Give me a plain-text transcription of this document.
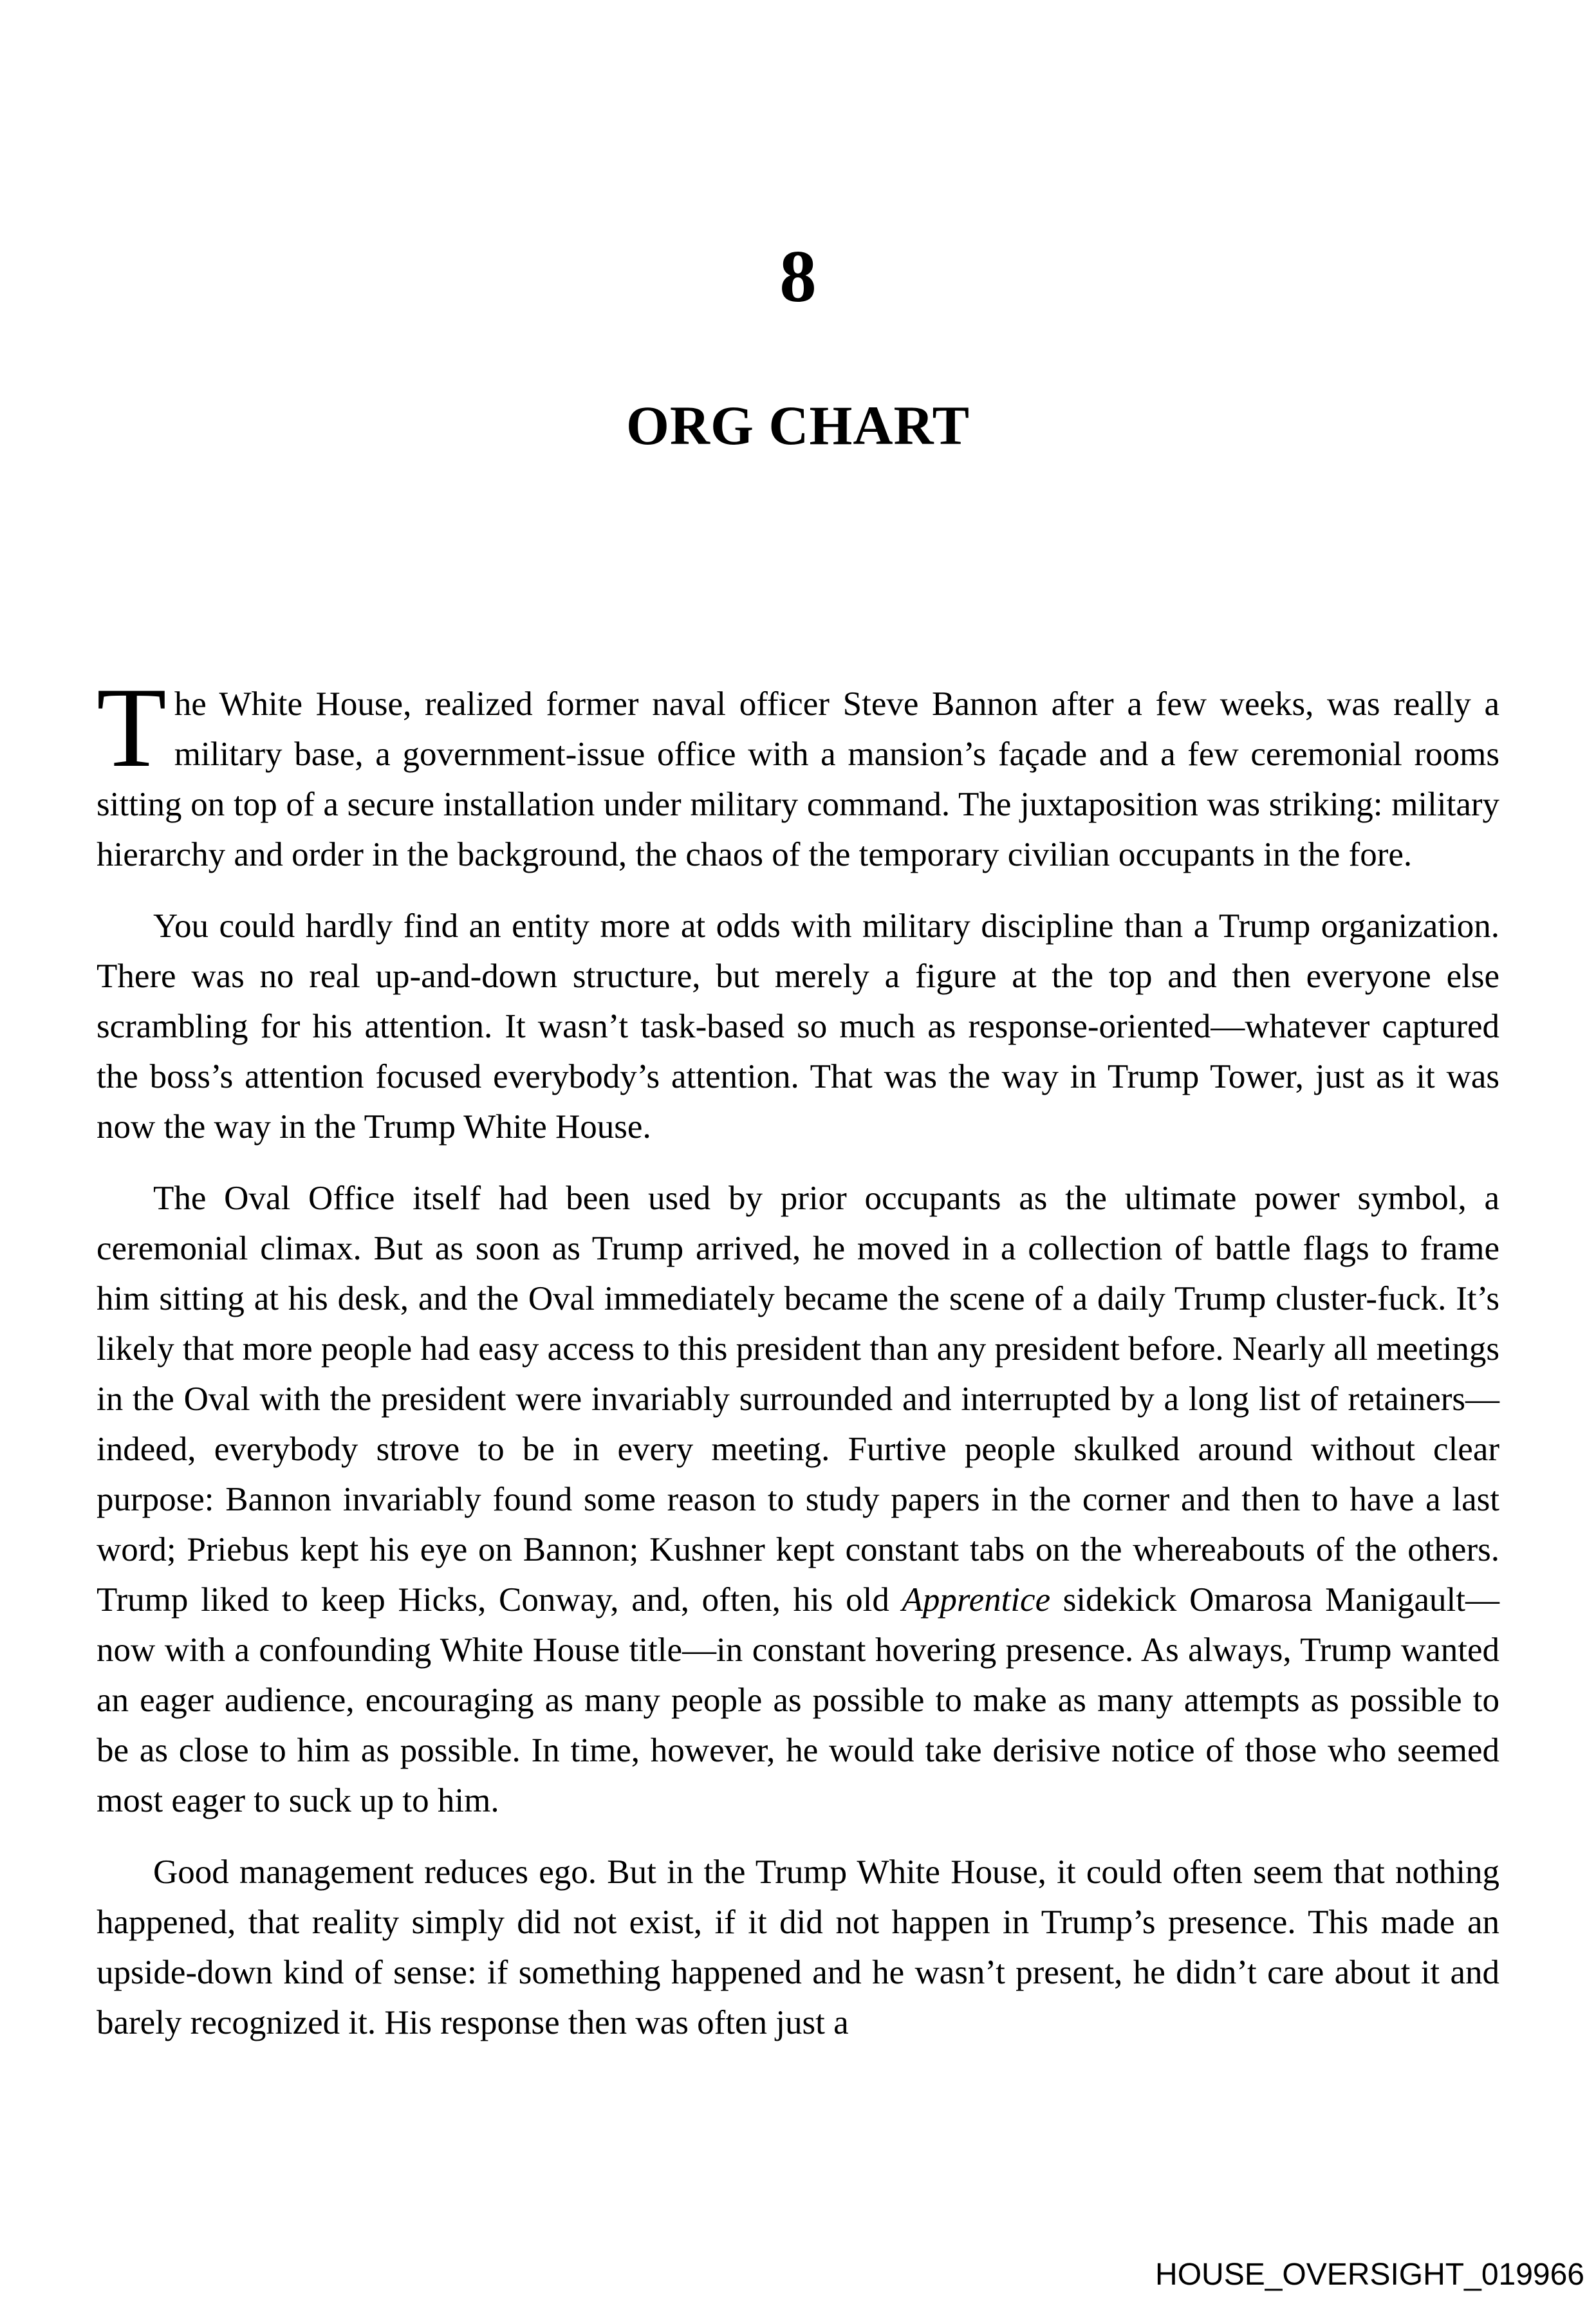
8
ORG CHART

The White House, realized former naval officer Steve Bannon after a few weeks, was really a military base, a government-issue office with a mansion’s façade and a few ceremonial rooms sitting on top of a secure installation under military command. The juxtaposition was striking: military hierarchy and order in the background, the chaos of the temporary civilian occupants in the fore.

You could hardly find an entity more at odds with military discipline than a Trump organization. There was no real up-and-down structure, but merely a figure at the top and then everyone else scrambling for his attention. It wasn’t task-based so much as response-oriented—whatever captured the boss’s attention focused everybody’s attention. That was the way in Trump Tower, just as it was now the way in the Trump White House.

The Oval Office itself had been used by prior occupants as the ultimate power symbol, a ceremonial climax. But as soon as Trump arrived, he moved in a collection of battle flags to frame him sitting at his desk, and the Oval immediately became the scene of a daily Trump cluster-fuck. It’s likely that more people had easy access to this president than any president before. Nearly all meetings in the Oval with the president were invariably surrounded and interrupted by a long list of retainers—indeed, everybody strove to be in every meeting. Furtive people skulked around without clear purpose: Bannon invariably found some reason to study papers in the corner and then to have a last word; Priebus kept his eye on Bannon; Kushner kept constant tabs on the whereabouts of the others. Trump liked to keep Hicks, Conway, and, often, his old Apprentice sidekick Omarosa Manigault—now with a confounding White House title—in constant hovering presence. As always, Trump wanted an eager audience, encouraging as many people as possible to make as many attempts as possible to be as close to him as possible. In time, however, he would take derisive notice of those who seemed most eager to suck up to him.

Good management reduces ego. But in the Trump White House, it could often seem that nothing happened, that reality simply did not exist, if it did not happen in Trump’s presence. This made an upside-down kind of sense: if something happened and he wasn’t present, he didn’t care about it and barely recognized it. His response then was often just a

HOUSE_OVERSIGHT_019966
